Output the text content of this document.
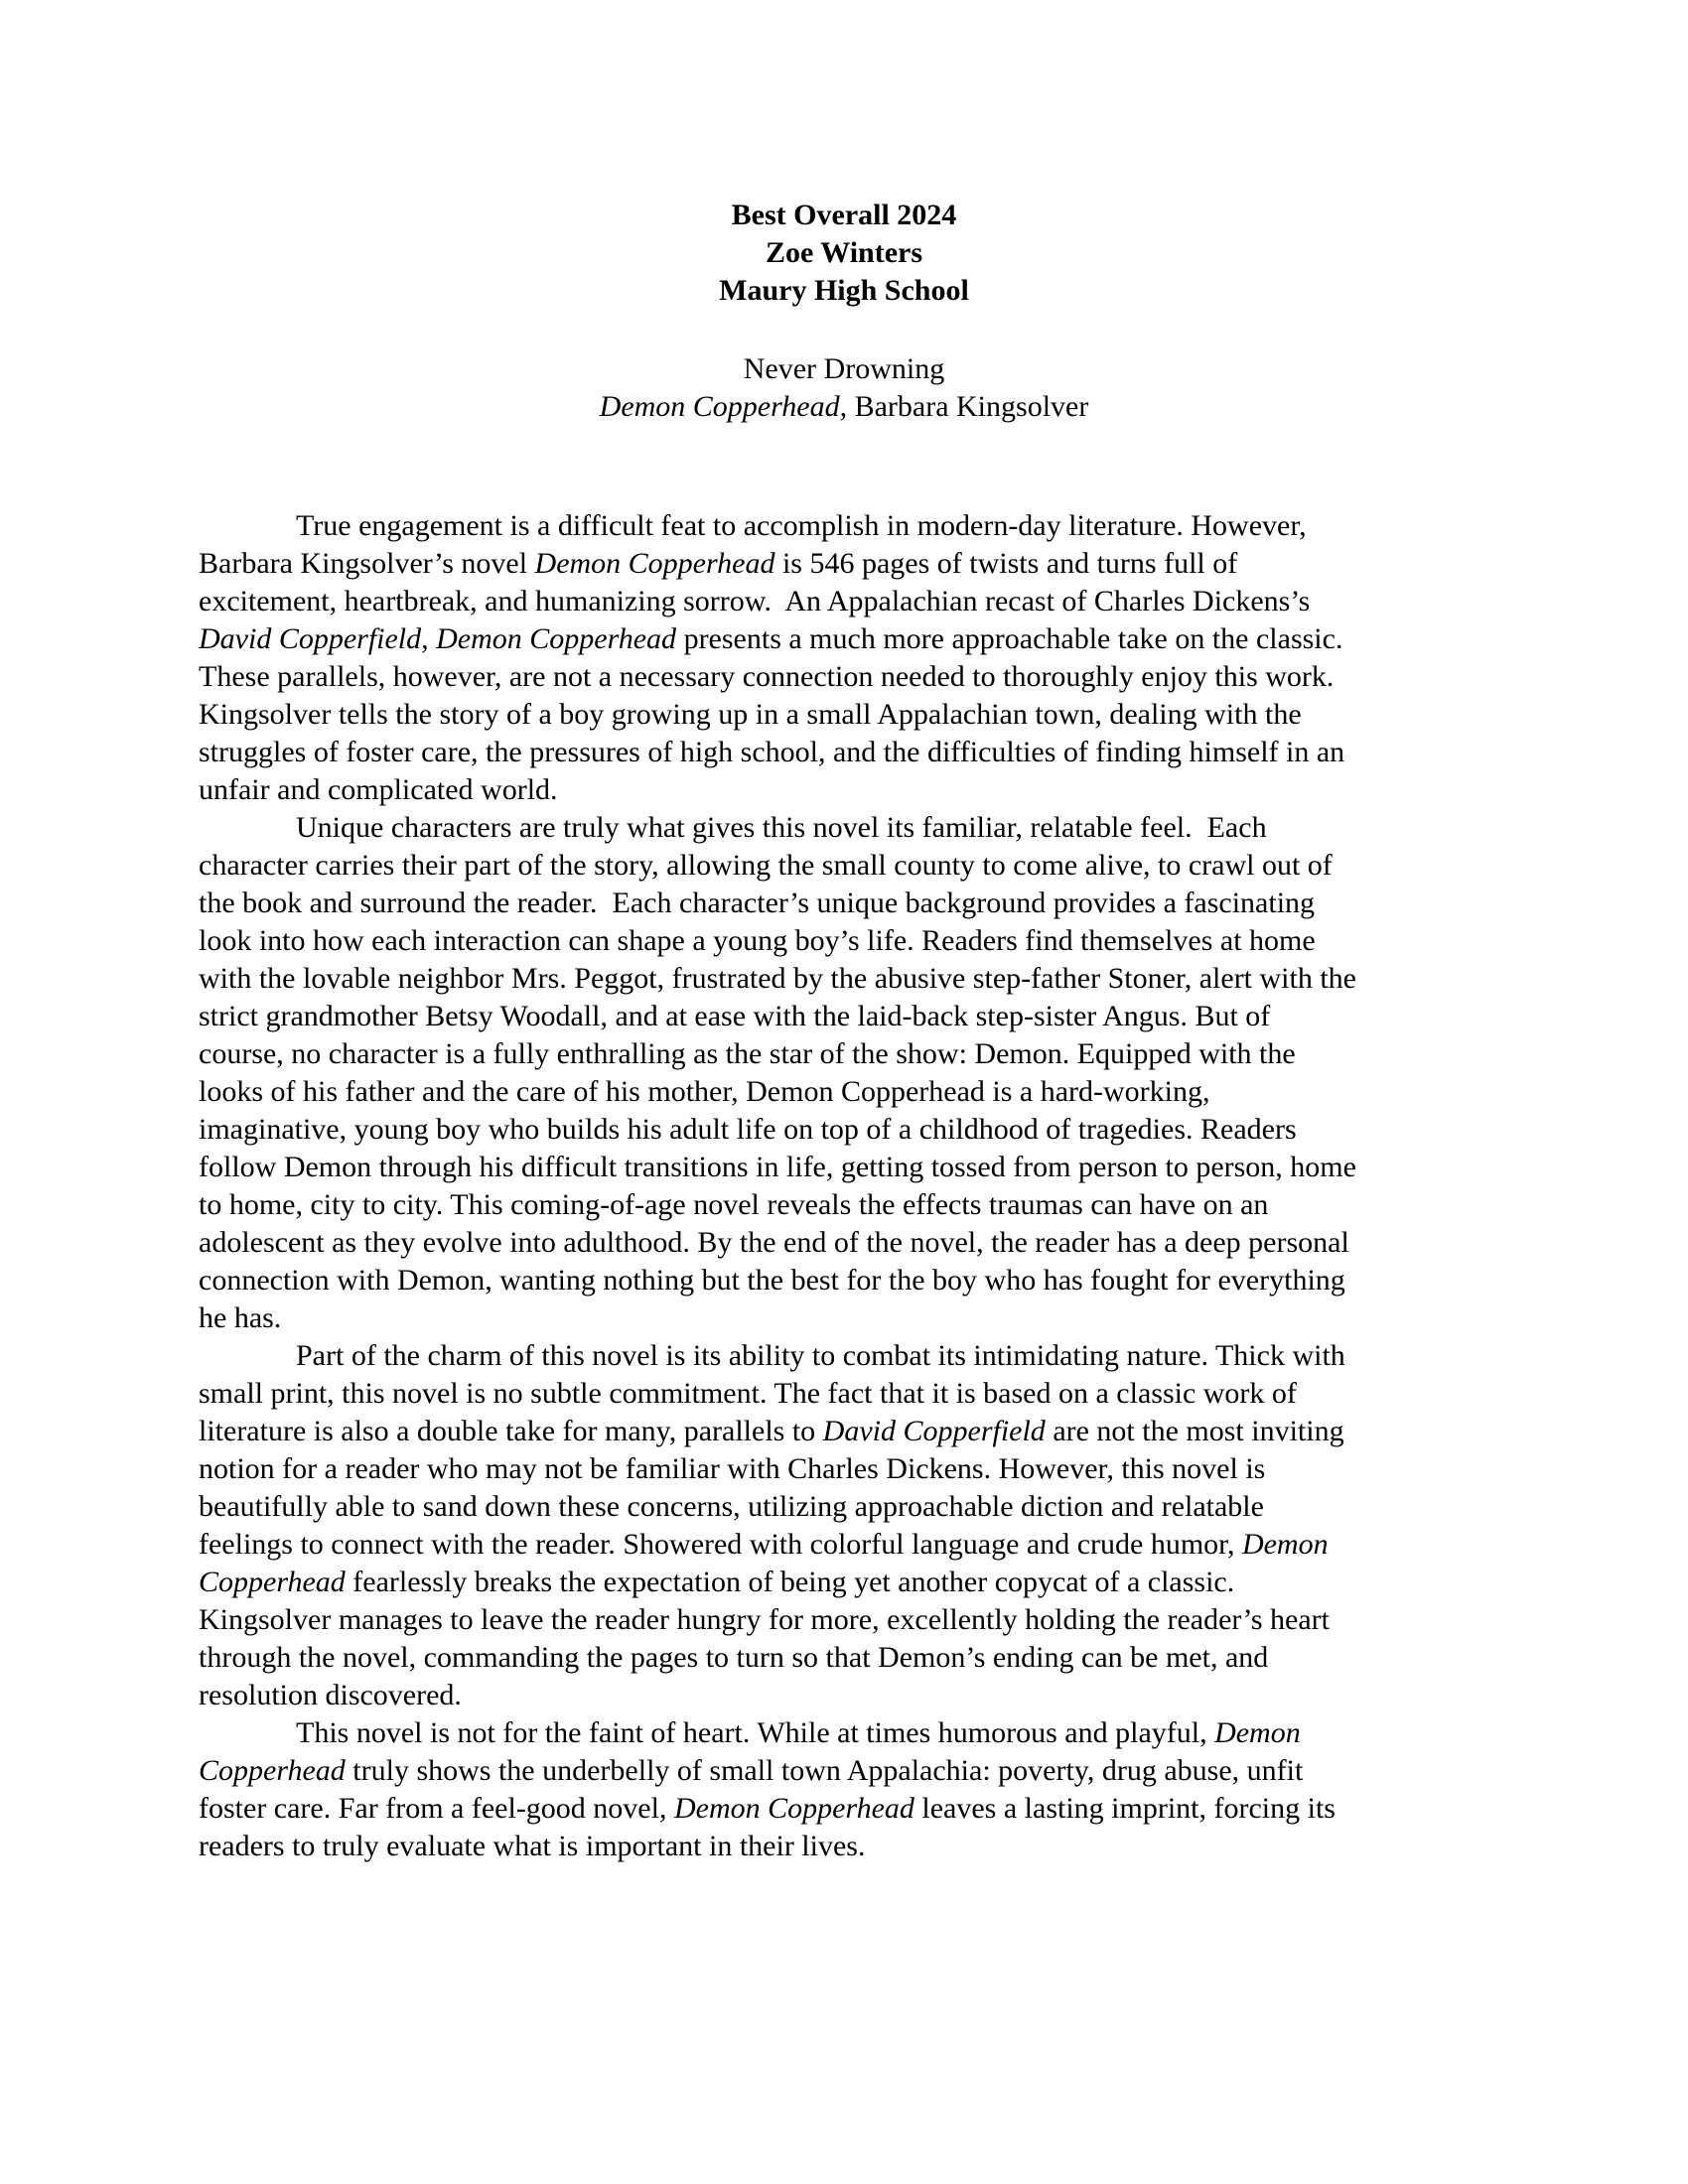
Best Overall 2024
Zoe Winters
Maury High School
Never Drowning
Demon Copperhead, Barbara Kingsolver
True engagement is a difficult feat to accomplish in modern-day literature. However,
Barbara Kingsolver’s novel Demon Copperhead is 546 pages of twists and turns full of
excitement, heartbreak, and humanizing sorrow.  An Appalachian recast of Charles Dickens’s
David Copperfield, Demon Copperhead presents a much more approachable take on the classic.
These parallels, however, are not a necessary connection needed to thoroughly enjoy this work.
Kingsolver tells the story of a boy growing up in a small Appalachian town, dealing with the
struggles of foster care, the pressures of high school, and the difficulties of finding himself in an
unfair and complicated world.
Unique characters are truly what gives this novel its familiar, relatable feel.  Each
character carries their part of the story, allowing the small county to come alive, to crawl out of
the book and surround the reader.  Each character’s unique background provides a fascinating
look into how each interaction can shape a young boy’s life. Readers find themselves at home
with the lovable neighbor Mrs. Peggot, frustrated by the abusive step-father Stoner, alert with the
strict grandmother Betsy Woodall, and at ease with the laid-back step-sister Angus. But of
course, no character is a fully enthralling as the star of the show: Demon. Equipped with the
looks of his father and the care of his mother, Demon Copperhead is a hard-working,
imaginative, young boy who builds his adult life on top of a childhood of tragedies. Readers
follow Demon through his difficult transitions in life, getting tossed from person to person, home
to home, city to city. This coming-of-age novel reveals the effects traumas can have on an
adolescent as they evolve into adulthood. By the end of the novel, the reader has a deep personal
connection with Demon, wanting nothing but the best for the boy who has fought for everything
he has.
Part of the charm of this novel is its ability to combat its intimidating nature. Thick with
small print, this novel is no subtle commitment. The fact that it is based on a classic work of
literature is also a double take for many, parallels to David Copperfield are not the most inviting
notion for a reader who may not be familiar with Charles Dickens. However, this novel is
beautifully able to sand down these concerns, utilizing approachable diction and relatable
feelings to connect with the reader. Showered with colorful language and crude humor, Demon
Copperhead fearlessly breaks the expectation of being yet another copycat of a classic.
Kingsolver manages to leave the reader hungry for more, excellently holding the reader’s heart
through the novel, commanding the pages to turn so that Demon’s ending can be met, and
resolution discovered.
This novel is not for the faint of heart. While at times humorous and playful, Demon
Copperhead truly shows the underbelly of small town Appalachia: poverty, drug abuse, unfit
foster care. Far from a feel-good novel, Demon Copperhead leaves a lasting imprint, forcing its
readers to truly evaluate what is important in their lives.
